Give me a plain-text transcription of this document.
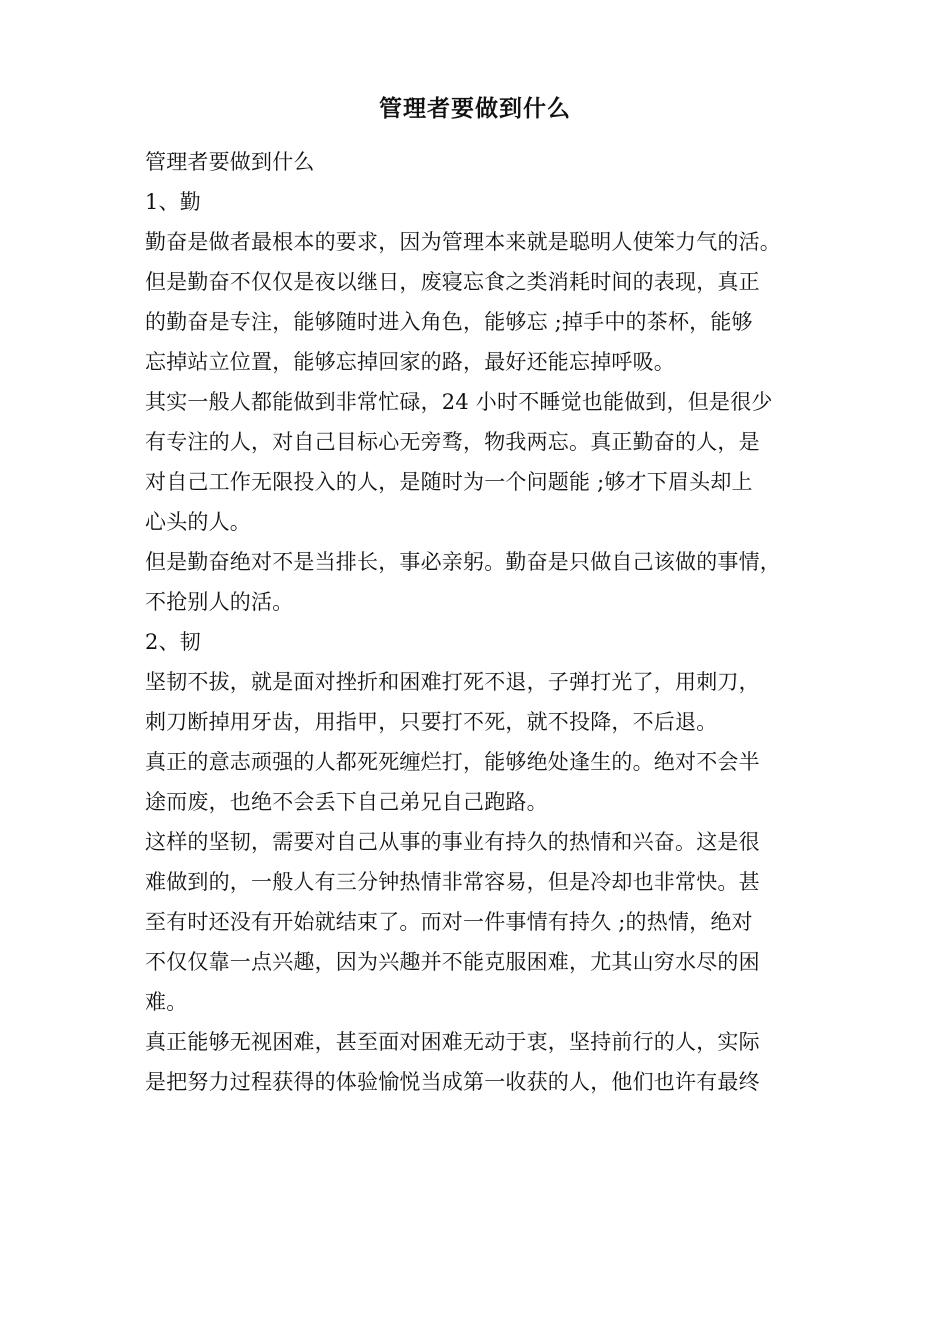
管理者要做到什么

管理者要做到什么

1、勤

勤奋是做者最根本的要求，因为管理本来就是聪明人使笨力气的活。
但是勤奋不仅仅是夜以继日，废寝忘食之类消耗时间的表现，真正
的勤奋是专注，能够随时进入角色，能够忘 ;掉手中的茶杯，能够
忘掉站立位置，能够忘掉回家的路，最好还能忘掉呼吸。

其实一般人都能做到非常忙碌，24 小时不睡觉也能做到，但是很少
有专注的人，对自己目标心无旁骛，物我两忘。真正勤奋的人，是
对自己工作无限投入的人，是随时为一个问题能 ;够才下眉头却上
心头的人。

但是勤奋绝对不是当排长，事必亲躬。勤奋是只做自己该做的事情，
不抢别人的活。

2、韧

坚韧不拔，就是面对挫折和困难打死不退，子弹打光了，用刺刀，
刺刀断掉用牙齿，用指甲，只要打不死，就不投降，不后退。

真正的意志顽强的人都死死缠烂打，能够绝处逢生的。绝对不会半
途而废，也绝不会丢下自己弟兄自己跑路。

这样的坚韧，需要对自己从事的事业有持久的热情和兴奋。这是很
难做到的，一般人有三分钟热情非常容易，但是冷却也非常快。甚
至有时还没有开始就结束了。而对一件事情有持久 ;的热情，绝对
不仅仅靠一点兴趣，因为兴趣并不能克服困难，尤其山穷水尽的困
难。

真正能够无视困难，甚至面对困难无动于衷，坚持前行的人，实际
是把努力过程获得的体验愉悦当成第一收获的人，他们也许有最终
